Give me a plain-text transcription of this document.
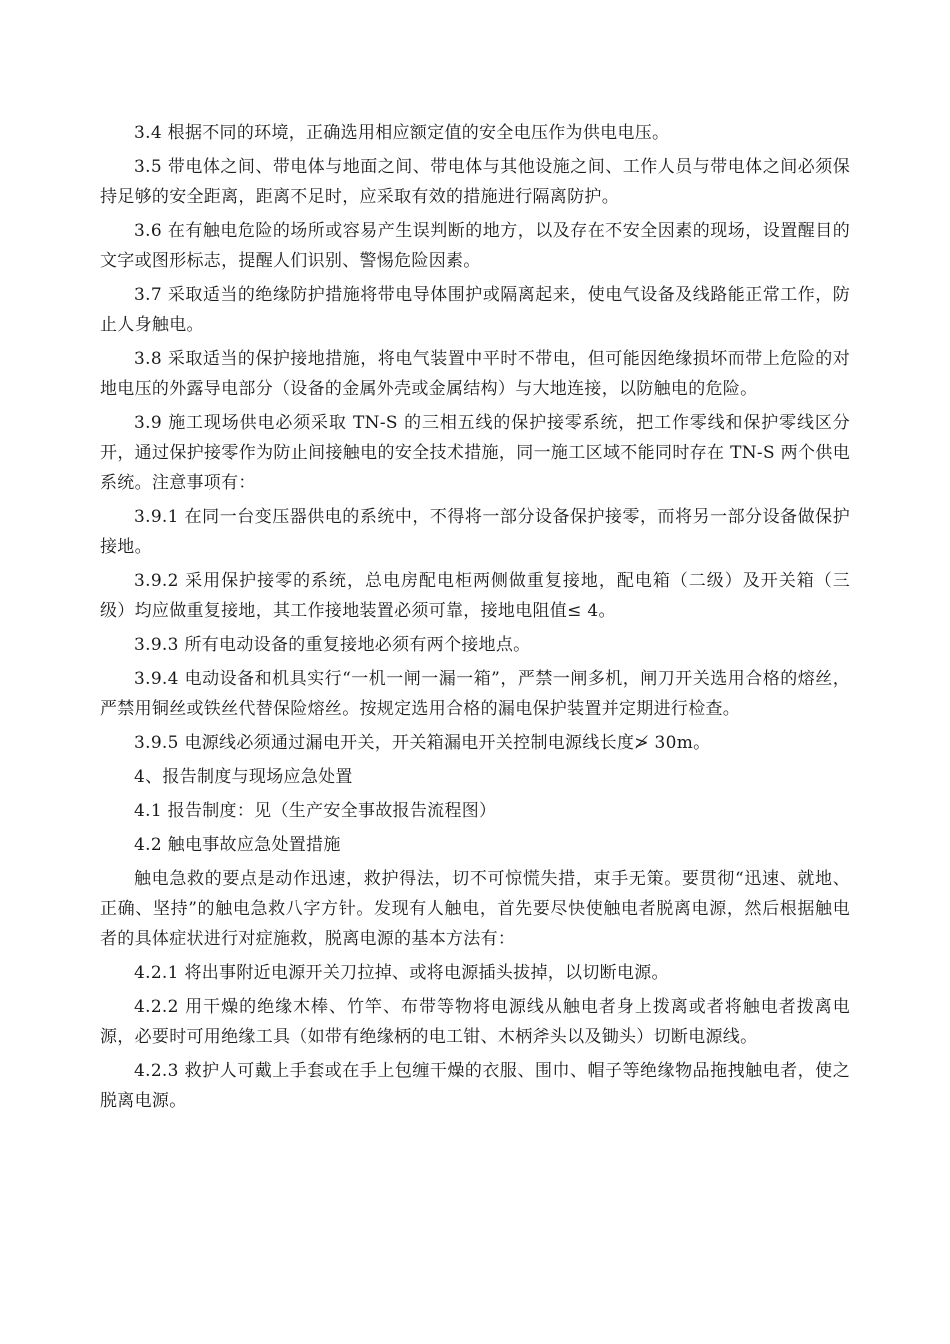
3.4 根据不同的环境，正确选用相应额定值的安全电压作为供电电压。

3.5 带电体之间、带电体与地面之间、带电体与其他设施之间、工作人员与带电体之间必须保持足够的安全距离，距离不足时，应采取有效的措施进行隔离防护。

3.6 在有触电危险的场所或容易产生误判断的地方，以及存在不安全因素的现场，设置醒目的文字或图形标志，提醒人们识别、警惕危险因素。

3.7 采取适当的绝缘防护措施将带电导体围护或隔离起来，使电气设备及线路能正常工作，防止人身触电。

3.8 采取适当的保护接地措施，将电气装置中平时不带电，但可能因绝缘损坏而带上危险的对地电压的外露导电部分（设备的金属外壳或金属结构）与大地连接，以防触电的危险。

3.9 施工现场供电必须采取 TN-S 的三相五线的保护接零系统，把工作零线和保护零线区分开，通过保护接零作为防止间接触电的安全技术措施，同一施工区域不能同时存在 TN-S 两个供电系统。注意事项有：

3.9.1 在同一台变压器供电的系统中，不得将一部分设备保护接零，而将另一部分设备做保护接地。

3.9.2 采用保护接零的系统，总电房配电柜两侧做重复接地，配电箱（二级）及开关箱（三级）均应做重复接地，其工作接地装置必须可靠，接地电阻值≤ 4。

3.9.3 所有电动设备的重复接地必须有两个接地点。

3.9.4 电动设备和机具实行“一机一闸一漏一箱”，严禁一闸多机，闸刀开关选用合格的熔丝，严禁用铜丝或铁丝代替保险熔丝。按规定选用合格的漏电保护装置并定期进行检查。

3.9.5 电源线必须通过漏电开关，开关箱漏电开关控制电源线长度≯ 30m。

4、报告制度与现场应急处置

4.1 报告制度：见（生产安全事故报告流程图）

4.2 触电事故应急处置措施

触电急救的要点是动作迅速，救护得法，切不可惊慌失措，束手无策。要贯彻“迅速、就地、正确、坚持”的触电急救八字方针。发现有人触电，首先要尽快使触电者脱离电源，然后根据触电者的具体症状进行对症施救，脱离电源的基本方法有：

4.2.1 将出事附近电源开关刀拉掉、或将电源插头拔掉，以切断电源。

4.2.2 用干燥的绝缘木棒、竹竿、布带等物将电源线从触电者身上拨离或者将触电者拨离电源，必要时可用绝缘工具（如带有绝缘柄的电工钳、木柄斧头以及锄头）切断电源线。

4.2.3 救护人可戴上手套或在手上包缠干燥的衣服、围巾、帽子等绝缘物品拖拽触电者，使之脱离电源。
